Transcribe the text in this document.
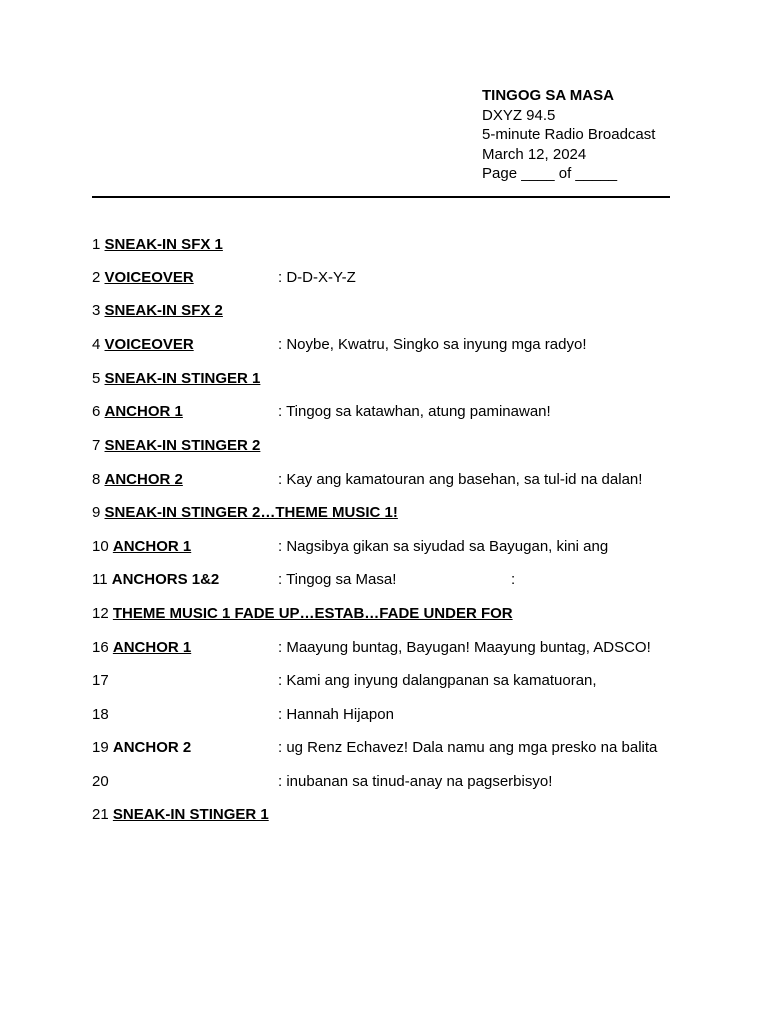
TINGOG SA MASA
DXYZ 94.5
5-minute Radio Broadcast
March 12, 2024
Page ____ of _____
1 SNEAK-IN SFX 1
2 VOICEOVER	: D-D-X-Y-Z
3 SNEAK-IN SFX 2
4 VOICEOVER	: Noybe, Kwatru, Singko sa inyung mga radyo!
5 SNEAK-IN STINGER 1
6 ANCHOR 1	: Tingog sa katawhan, atung paminawan!
7 SNEAK-IN STINGER 2
8 ANCHOR 2	: Kay ang kamatouran ang basehan, sa tul-id na dalan!
9 SNEAK-IN STINGER 2…THEME MUSIC 1!
10 ANCHOR 1	: Nagsibya gikan sa siyudad sa Bayugan, kini ang
11 ANCHORS 1&2	: Tingog sa Masa!	:
12 THEME MUSIC 1 FADE UP…ESTAB…FADE UNDER FOR
16 ANCHOR 1	: Maayung buntag, Bayugan! Maayung buntag, ADSCO!
17	: Kami ang inyung dalangpanan sa kamatuoran,
18	: Hannah Hijapon
19 ANCHOR 2	: ug Renz Echavez! Dala namu ang mga presko na balita
20	: inubanan sa tinud-anay na pagserbisyo!
21 SNEAK-IN STINGER 1
